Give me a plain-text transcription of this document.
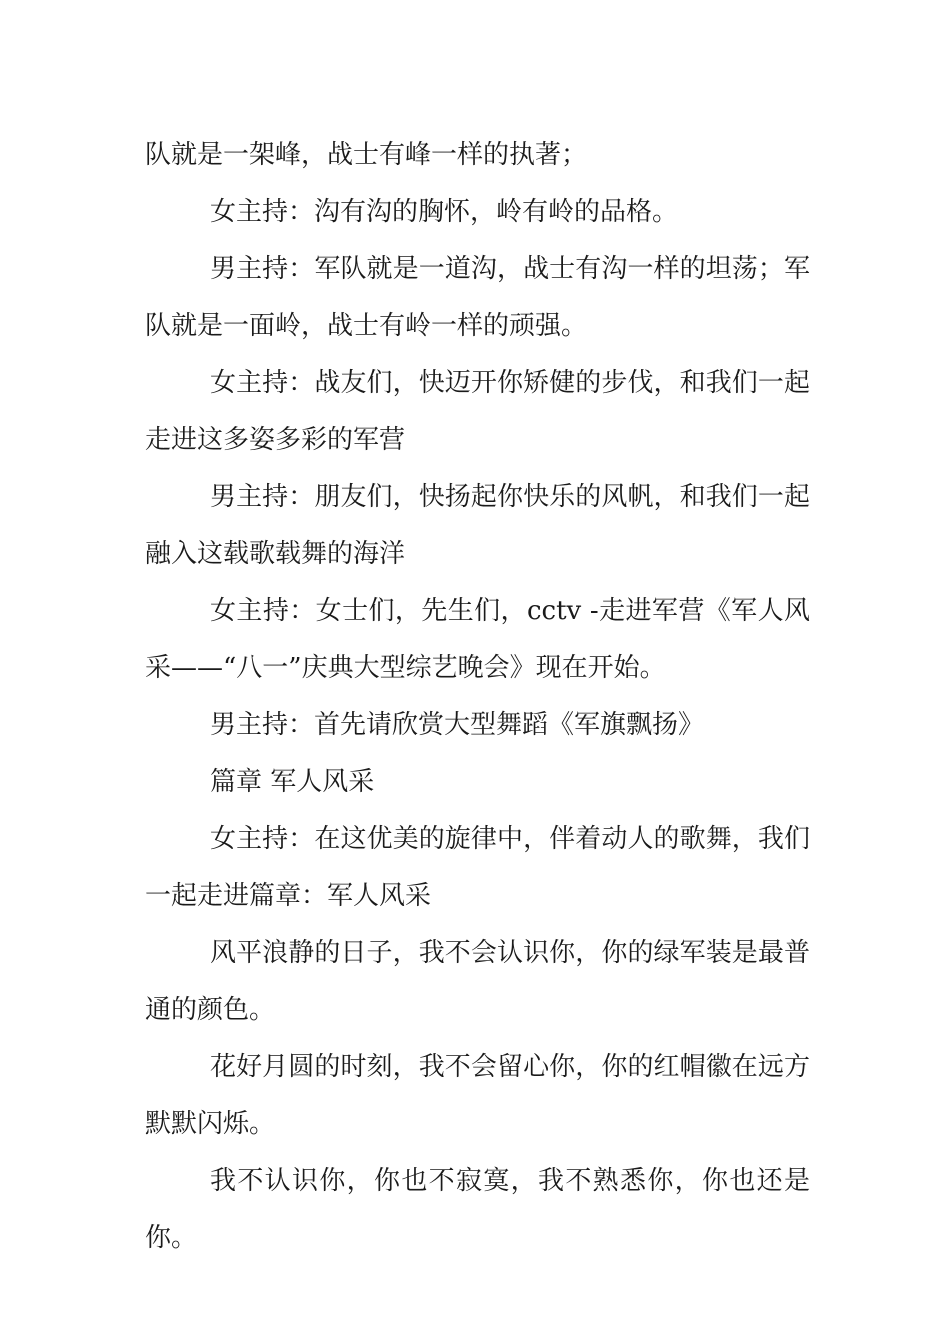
队就是一架峰，战士有峰一样的执著；

女主持：沟有沟的胸怀，岭有岭的品格。

男主持：军队就是一道沟，战士有沟一样的坦荡；军队就是一面岭，战士有岭一样的顽强。

女主持：战友们，快迈开你矫健的步伐，和我们一起走进这多姿多彩的军营

男主持：朋友们，快扬起你快乐的风帆，和我们一起融入这载歌载舞的海洋

女主持：女士们，先生们，cctv -走进军营《军人风采——“八一”庆典大型综艺晚会》现在开始。

男主持：首先请欣赏大型舞蹈《军旗飘扬》

篇章 军人风采

女主持：在这优美的旋律中，伴着动人的歌舞，我们一起走进篇章：军人风采

风平浪静的日子，我不会认识你，你的绿军装是最普通的颜色。

花好月圆的时刻，我不会留心你，你的红帽徽在远方默默闪烁。

我不认识你，你也不寂寞，我不熟悉你，你也还是你。
